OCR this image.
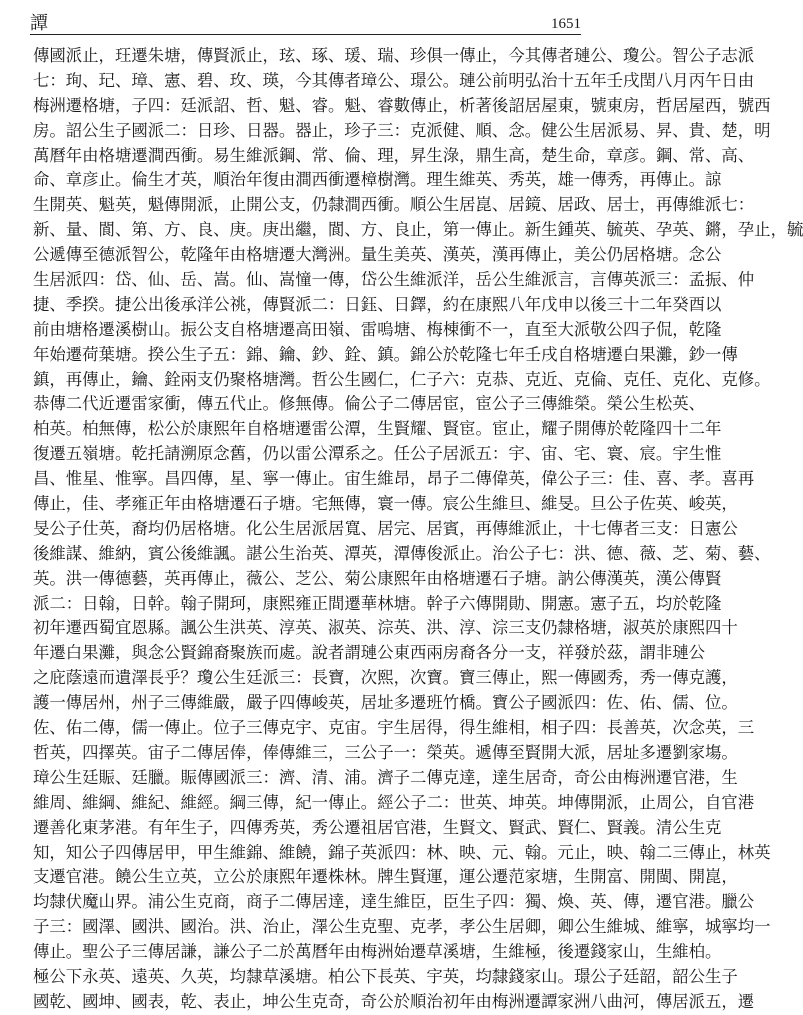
譚	1651
傳國派止，玨遷朱塘，傳賢派止，玹、琢、瑗、瑞、珍俱一傳止，今其傳者璉公、瓊公。智公子志派
七：珣、玘、璋、憲、碧、玫、瑛，今其傳者璋公、璟公。璉公前明弘治十五年壬戌閏八月丙午日由
梅洲遷格塘，子四：廷派詔、哲、魁、睿。魁、睿數傳止，析著後詔居屋東，號東房，哲居屋西，號西
房。詔公生子國派二：日珍、日器。器止，珍子三：克派健、順、念。健公生居派易、昇、貴、楚，明
萬曆年由格塘遷澗西衝。易生維派鋼、常、倫、理，昇生淥，鼎生高，楚生命，章彦。鋼、常、高、
命、章彦止。倫生才英，順治年復由澗西衝遷樟樹灣。理生維英、秀英，雄一傳秀，再傳止。諒
生開英、魁英，魁傳開派，止開公支，仍隸澗西衝。順公生居崑、居鏡、居政、居士，再傳維派七：
新、量、閬、第、方、良、庚。庚出繼，閬、方、良止，第一傳止。新生鍾英、毓英、孕英、鏘，孕止，毓
公遞傳至德派智公，乾隆年由格塘遷大灣洲。量生美英、漢英，漢再傳止，美公仍居格塘。念公
生居派四：岱、仙、岳、嵩。仙、嵩憧一傳，岱公生維派洋，岳公生維派言，言傳英派三：孟振、仲
捷、季揆。捷公出後承洋公祧，傳賢派二：日鈺、日鐸，約在康熙八年戊申以後三十二年癸酉以
前由塘格遷溪樹山。振公支自格塘遷高田嶺、雷嗚塘、梅棟衝不一，直至大派敬公四子侃，乾隆
年始遷荷葉塘。揆公生子五：錦、鑰、鈔、銓、鎮。錦公於乾隆七年壬戌自格塘遷白果灘，鈔一傳
鎮，再傳止，鑰、銓兩支仍聚格塘灣。哲公生國仁，仁子六：克恭、克近、克倫、克任、克化、克修。
恭傳二代近遷雷家衝，傳五代止。修無傳。倫公子二傳居宦，宦公子三傳維榮。榮公生松英、
柏英。柏無傳，松公於康熙年自格塘遷雷公潭，生賢耀、賢宦。宦止，耀子開傳於乾隆四十二年
復遷五嶺塘。乾托請溯原念舊，仍以雷公潭系之。任公子居派五：宇、宙、宅、寰、宸。宇生惟
昌、惟星、惟寧。昌四傳，星、寧一傳止。宙生維昂，昂子二傳偉英，偉公子三：佳、喜、孝。喜再
傳止，佳、孝雍正年由格塘遷石子塘。宅無傳，寰一傳。宸公生維旦、維旻。旦公子佐英、峻英，
旻公子仕英，裔均仍居格塘。化公生居派居寬、居完、居賓，再傳維派止，十七傳者三支：日憲公
後維謀、維納，賓公後維諷。諶公生治英、潭英，潭傳俊派止。治公子七：洪、德、薇、芝、菊、藝、
英。洪一傳德藝，英再傳止，薇公、芝公、菊公康熙年由格塘遷石子塘。訥公傳漢英，漢公傳賢
派二：日翰，日幹。翰子開珂，康熙雍正間遷華林塘。幹子六傳開勛、開憲。憲子五，均於乾隆
初年遷西蜀宜恩縣。諷公生洪英、淳英、淑英、淙英、洪、淳、淙三支仍隸格塘，淑英於康熙四十
年遷白果灘，與念公賢錦裔聚族而處。說者謂璉公東西兩房裔各分一支，祥發於茲，謂非璉公
之庇蔭遠而遺澤長乎？瓊公生廷派三：長寶，次熙，次寶。寶三傳止，熙一傳國秀，秀一傳克護，
護一傳居州，州子三傳維嚴，嚴子四傳峻英，居址多遷班竹橋。寶公子國派四：佐、佑、儒、位。
佐、佑二傳，儒一傳止。位子三傳克宇、克宙。宇生居得，得生維相，相子四：長善英，次念英，三
哲英，四擇英。宙子二傳居俸，俸傳維三，三公子一：榮英。遞傳至賢開大派，居址多遷劉家塲。
璋公生廷賑、廷臘。賑傳國派三：濟、清、浦。濟子二傳克達，達生居奇，奇公由梅洲遷官港，生
維周、維綱、維紀、維經。綱三傳，紀一傳止。經公子二：世英、坤英。坤傳開派，止周公，自官港
遷善化東茅港。有年生子，四傳秀英，秀公遷祖居官港，生賢文、賢武、賢仁、賢義。清公生克
知，知公子四傳居甲，甲生維錦、維饒，錦子英派四：林、映、元、翰。元止，映、翰二三傳止，林英
支遷官港。饒公生立英，立公於康熙年遷株林。牌生賢運，運公遷范家塘，生開富、開閩、開崑，
均隸伏魔山界。浦公生克商，商子二傳居達，達生維臣，臣生子四：獨、煥、英、傳，遷官港。臘公
子三：國澤、國洪、國治。洪、治止，澤公生克聖、克孝，孝公生居卿，卿公生維城、維寧，城寧均一
傳止。聖公子三傳居謙，謙公子二於萬曆年由梅洲始遷草溪塘，生維極，後遷錢家山，生維柏。
極公下永英、遠英、久英，均隸草溪塘。柏公下長英、宇英，均隸錢家山。璟公子廷韶，韶公生子
國乾、國坤、國表，乾、表止，坤公生克奇，奇公於順治初年由梅洲遷譚家洲八曲河，傳居派五，遷
